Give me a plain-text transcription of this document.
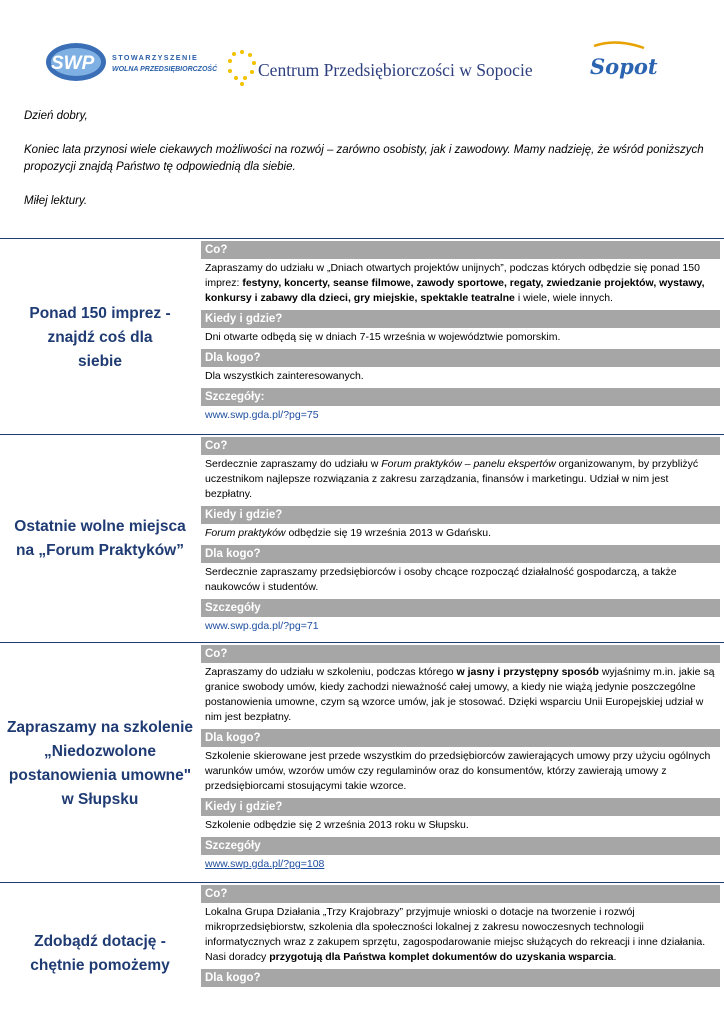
SWP STOWARZYSZENIE
WOLNA PRZEDSIĘBIORCZOŚĆ Centrum Przedsiębiorczości w Sopocie	Sopot

Dzień dobry,

Koniec lata przynosi wiele ciekawych możliwości na rozwój – zarówno osobisty, jak i zawodowy. Mamy nadzieję, że wśród poniższych propozycji znajdą Państwo tę odpowiednią dla siebie.

Miłej lektury.

Ponad 150 imprez - znajdź coś dla siebie
Co?
Zapraszamy do udziału w „Dniach otwartych projektów unijnych”, podczas których odbędzie się ponad 150 imprez: festyny, koncerty, seanse filmowe, zawody sportowe, regaty, zwiedzanie projektów, wystawy, konkursy i zabawy dla dzieci, gry miejskie, spektakle teatralne i wiele, wiele innych.
Kiedy i gdzie?
Dni otwarte odbędą się w dniach 7-15 września w województwie pomorskim.
Dla kogo?
Dla wszystkich zainteresowanych.
Szczegóły:
www.swp.gda.pl/?pg=75
Ostatnie wolne miejsca na „Forum Praktyków”
Co?
Serdecznie zapraszamy do udziału w Forum praktyków – panelu ekspertów organizowanym, by przybliżyć uczestnikom najlepsze rozwiązania z zakresu zarządzania, finansów i marketingu. Udział w nim jest bezpłatny.
Kiedy i gdzie?
Forum praktyków odbędzie się 19 września 2013 w Gdańsku.
Dla kogo?
Serdecznie zapraszamy przedsiębiorców i osoby chcące rozpocząć działalność gospodarczą, a także naukowców i studentów.
Szczegóły
www.swp.gda.pl/?pg=71
Zapraszamy na szkolenie „Niedozwolone postanowienia umowne" w Słupsku
Co?
Zapraszamy do udziału w szkoleniu, podczas którego w jasny i przystępny sposób wyjaśnimy m.in. jakie są granice swobody umów, kiedy zachodzi nieważność całej umowy, a kiedy nie wiążą jedynie poszczególne postanowienia umowne, czym są wzorce umów, jak je stosować. Dzięki wsparciu Unii Europejskiej udział w nim jest bezpłatny.
Dla kogo?
Szkolenie skierowane jest przede wszystkim do przedsiębiorców zawierających umowy przy użyciu ogólnych warunków umów, wzorów umów czy regulaminów oraz do konsumentów, którzy zawierają umowy z przedsiębiorcami stosującymi takie wzorce.
Kiedy i gdzie?
Szkolenie odbędzie się 2 września 2013 roku w Słupsku.
Szczegóły
www.swp.gda.pl/?pg=108
Zdobądź dotację - chętnie pomożemy
Co?
Lokalna Grupa Działania „Trzy Krajobrazy” przyjmuje wnioski o dotacje na tworzenie i rozwój mikroprzedsiębiorstw, szkolenia dla społeczności lokalnej z zakresu nowoczesnych technologii informatycznych wraz z zakupem sprzętu, zagospodarowanie miejsc służących do rekreacji i inne działania.
Nasi doradcy przygotują dla Państwa komplet dokumentów do uzyskania wsparcia.
Dla kogo?
